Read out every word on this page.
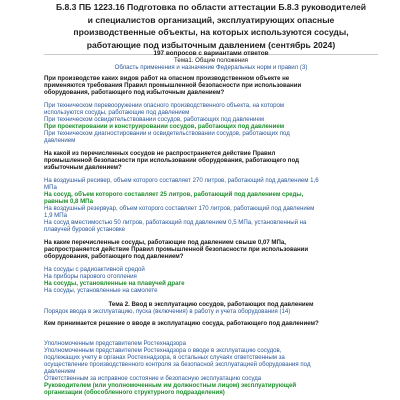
Б.8.3 ПБ 1223.16 Подготовка по области аттестации Б.8.3 руководителей
и специалистов организаций, эксплуатирующих опасные
производственные объекты, на которых используются сосуды,
работающие под избыточным давлением (сентябрь 2024)
197 вопросов с вариантами ответов
Тема1. Общие положения
Область применения и назначение Федеральных норм и правил (3)
При производстве каких видов работ на опасном производственном объекте не
применяются требования Правил промышленной безопасности при использовании
оборудования, работающего под избыточным давлением?
При техническом перевооружении опасного производственного объекта, на котором
используются сосуды, работающие под давлением
При техническом освидетельствовании сосудов, работающих под давлением
При проектировании и конструировании сосудов, работающих под давлением
При техническом диагностировании и освидетельствовании сосудов, работающих под
давлением
На какой из перечисленных сосудов не распространяется действие Правил
промышленной безопасности при использовании оборудования, работающего под
избыточным давлением?
На воздушный ресивер, объем которого составляет 270 литров, работающий под давлением 1,6
МПа
На сосуд, объем которого составляет 25 литров, работающий под давлением среды,
равным 0,8 МПа
На воздушный резервуар, объем которого составляет 170 литров, работающий под давлением
1,9 МПа
На сосуд вместимостью 50 литров, работающий под давлением 0,5 МПа, установленный на
плавучей буровой установке
На какие перечисленные сосуды, работающие под давлением свыше 0,07 МПа,
распространяется действие Правил промышленной безопасности при использовании
оборудования, работающего под давлением?
На сосуды с радиоактивной средой
На приборы парового отопления
На сосуды, установленные на плавучей драге
На сосуды, установленные на самолете
Тема 2. Ввод в эксплуатацию сосудов, работающих под давлением
Порядок ввода в эксплуатацию, пуска (включения) в работу и учета оборудования (14)
Кем принимается решение о вводе в эксплуатацию сосуда, работающего под давлением?
Уполномоченным представителем Ростехнадзора
Уполномоченным представителем Ростехнадзора о вводе в эксплуатацию сосудов,
подлежащих учету в органах Ростехнадзора, в остальных случаях ответственным за
осуществление производственного контроля за безопасной эксплуатацией оборудования под
давлением
Ответственным за исправное состояние и безопасную эксплуатацию сосуда
Руководителем (или уполномоченным им должностным лицом) эксплуатирующей
организации (обособленного структурного подразделения)
